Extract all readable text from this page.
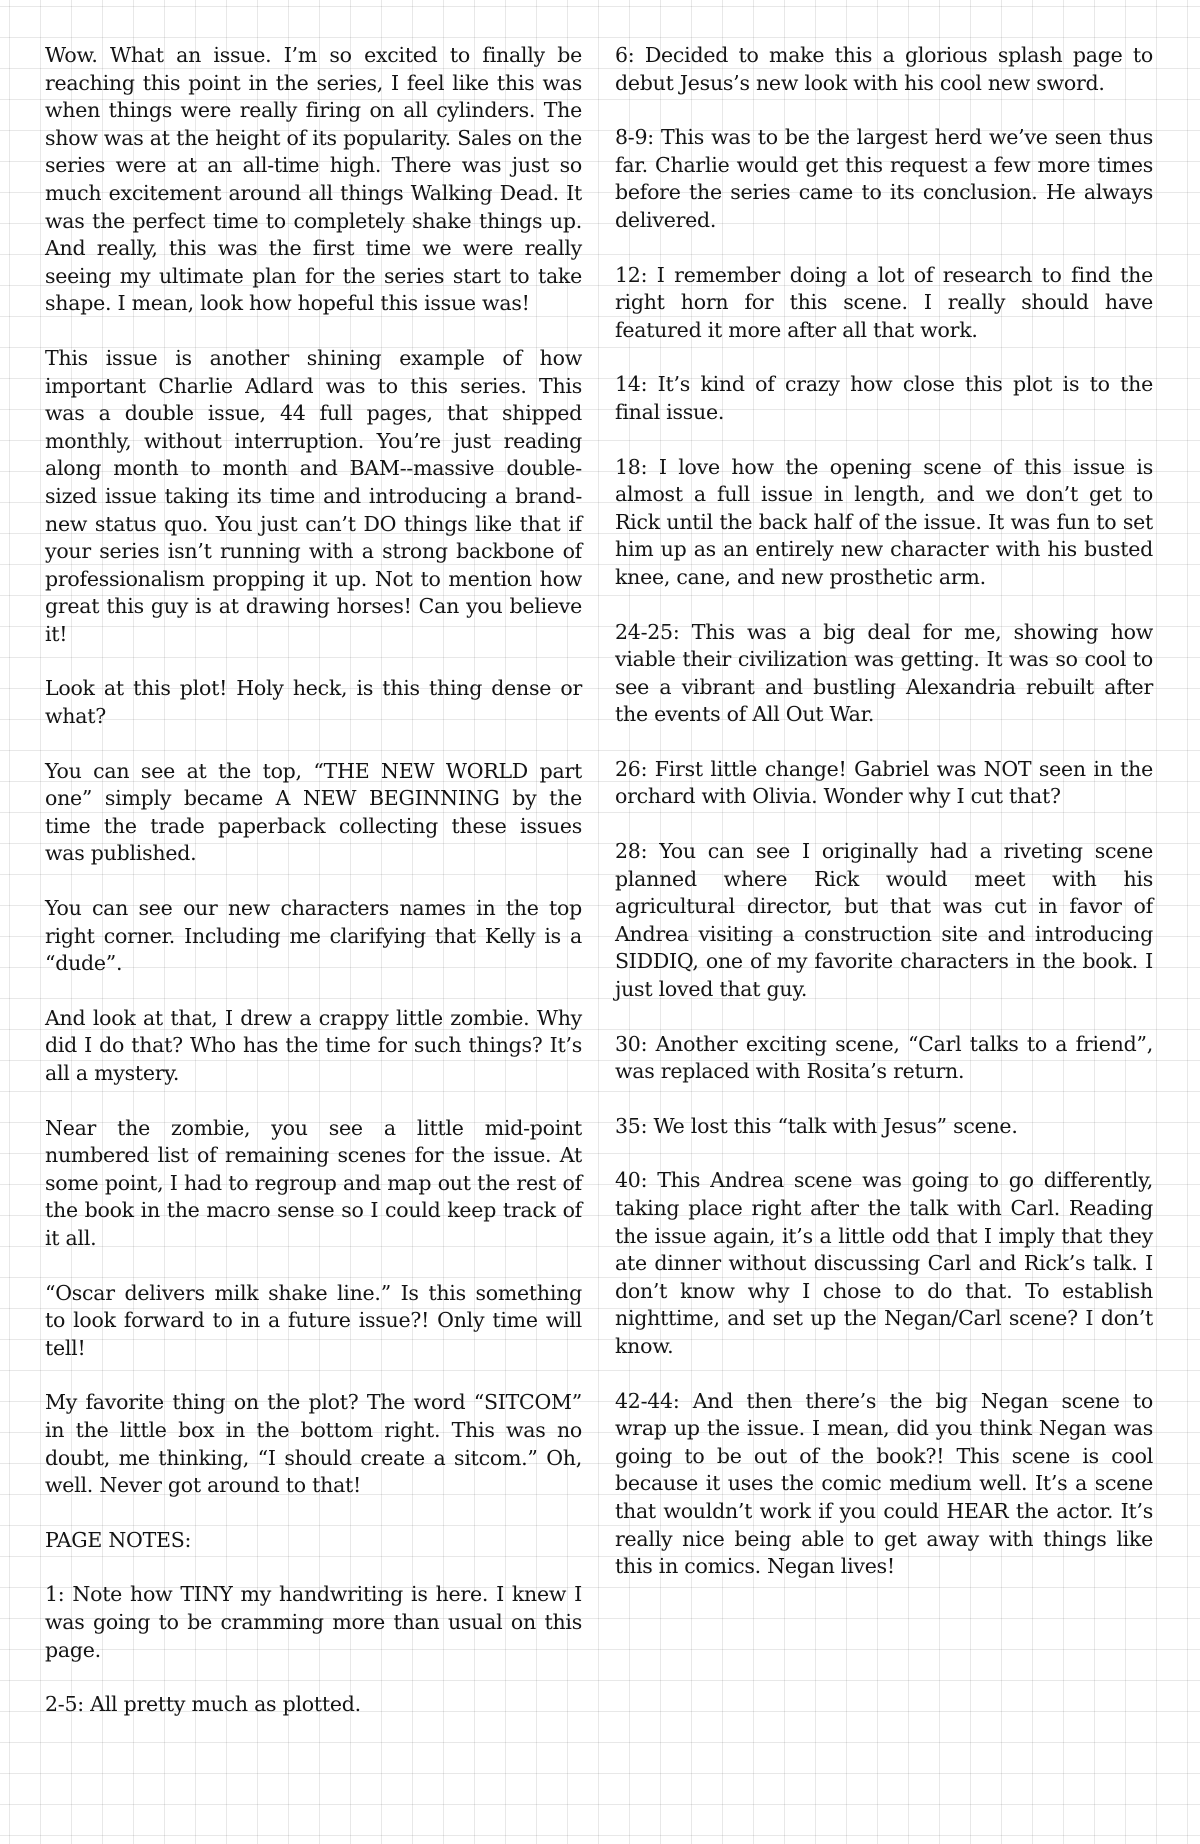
Wow. What an issue. I’m so excited to finally be reaching this point in the series, I feel like this was when things were really firing on all cylinders. The show was at the height of its popularity. Sales on the series were at an all-time high. There was just so much excitement around all things Walking Dead. It was the perfect time to completely shake things up. And really, this was the first time we were really seeing my ultimate plan for the series start to take shape. I mean, look how hopeful this issue was!

This issue is another shining example of how important Charlie Adlard was to this series. This was a double issue, 44 full pages, that shipped monthly, without interruption. You’re just reading along month to month and BAM--massive double-sized issue taking its time and introducing a brand-new status quo. You just can’t DO things like that if your series isn’t running with a strong backbone of professionalism propping it up. Not to mention how great this guy is at drawing horses! Can you believe it!

Look at this plot! Holy heck, is this thing dense or what?

You can see at the top, “THE NEW WORLD part one” simply became A NEW BEGINNING by the time the trade paperback collecting these issues was published.

You can see our new characters names in the top right corner. Including me clarifying that Kelly is a “dude”.

And look at that, I drew a crappy little zombie. Why did I do that? Who has the time for such things? It’s all a mystery.

Near the zombie, you see a little mid-point numbered list of remaining scenes for the issue. At some point, I had to regroup and map out the rest of the book in the macro sense so I could keep track of it all.

“Oscar delivers milk shake line.” Is this something to look forward to in a future issue?! Only time will tell!

My favorite thing on the plot? The word “SITCOM” in the little box in the bottom right. This was no doubt, me thinking, “I should create a sitcom.” Oh, well. Never got around to that!

PAGE NOTES:

1: Note how TINY my handwriting is here. I knew I was going to be cramming more than usual on this page.

2-5: All pretty much as plotted.

6: Decided to make this a glorious splash page to debut Jesus’s new look with his cool new sword.

8-9: This was to be the largest herd we’ve seen thus far. Charlie would get this request a few more times before the series came to its conclusion. He always delivered.

12: I remember doing a lot of research to find the right horn for this scene. I really should have featured it more after all that work.

14: It’s kind of crazy how close this plot is to the final issue.

18: I love how the opening scene of this issue is almost a full issue in length, and we don’t get to Rick until the back half of the issue. It was fun to set him up as an entirely new character with his busted knee, cane, and new prosthetic arm.

24-25: This was a big deal for me, showing how viable their civilization was getting. It was so cool to see a vibrant and bustling Alexandria rebuilt after the events of All Out War.

26: First little change! Gabriel was NOT seen in the orchard with Olivia. Wonder why I cut that?

28: You can see I originally had a riveting scene planned where Rick would meet with his agricultural director, but that was cut in favor of Andrea visiting a construction site and introducing SIDDIQ, one of my favorite characters in the book. I just loved that guy.

30: Another exciting scene, “Carl talks to a friend”, was replaced with Rosita’s return.

35: We lost this “talk with Jesus” scene.

40: This Andrea scene was going to go differently, taking place right after the talk with Carl. Reading the issue again, it’s a little odd that I imply that they ate dinner without discussing Carl and Rick’s talk. I don’t know why I chose to do that. To establish nighttime, and set up the Negan/Carl scene? I don’t know.

42-44: And then there’s the big Negan scene to wrap up the issue. I mean, did you think Negan was going to be out of the book?! This scene is cool because it uses the comic medium well. It’s a scene that wouldn’t work if you could HEAR the actor. It’s really nice being able to get away with things like this in comics. Negan lives!
